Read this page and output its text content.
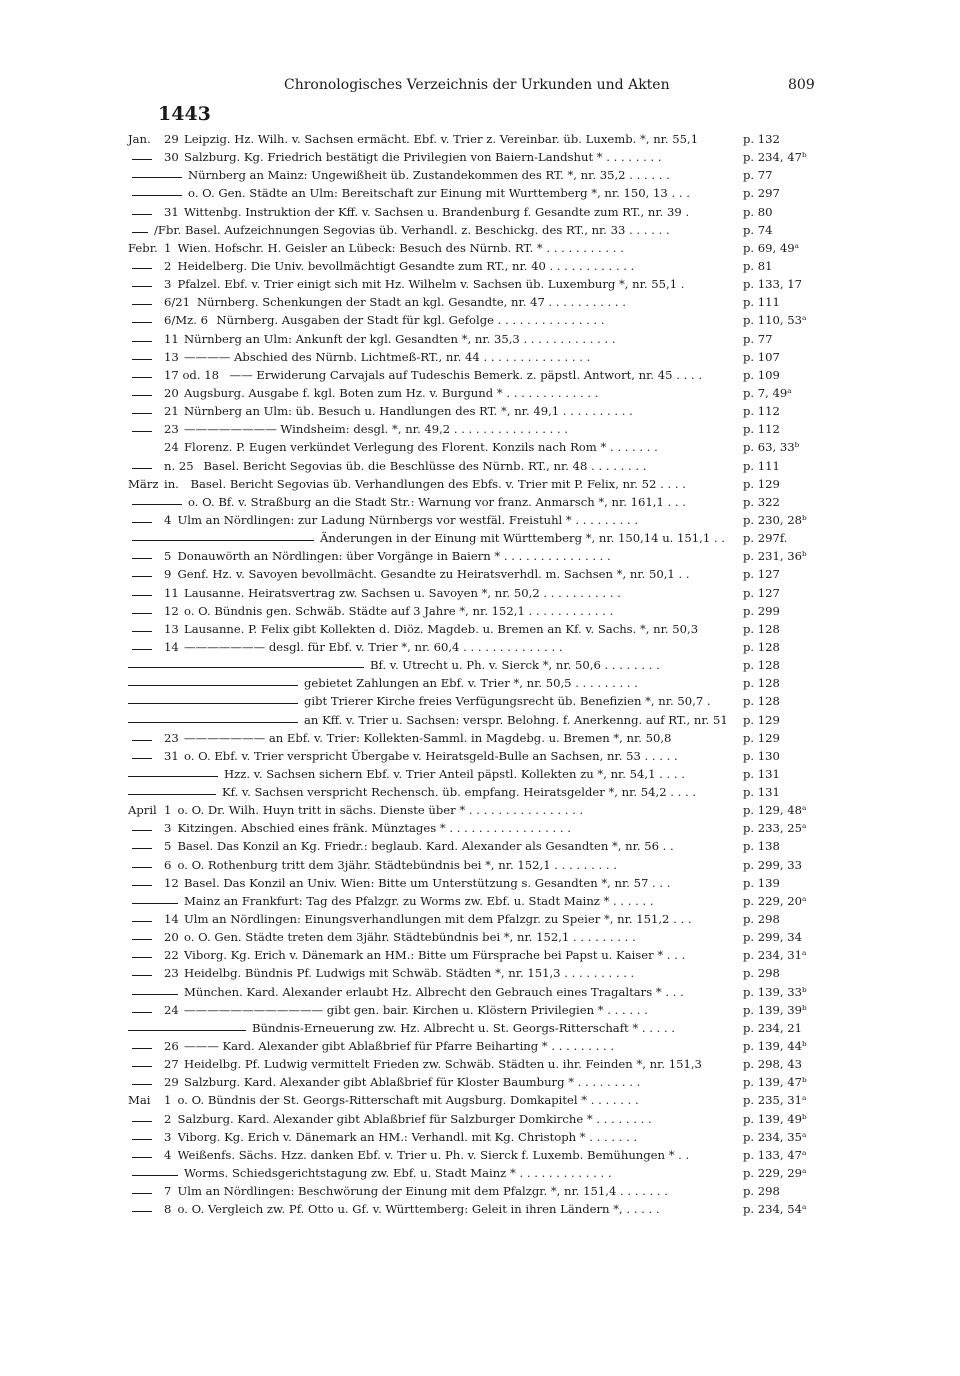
Chronologisches Verzeichnis der Urkunden und Akten	809
1443
Jan. 29 Leipzig. Hz. Wilh. v. Sachsen ermächt. Ebf. v. Trier z. Vereinbar. üb. Luxemb. *, nr. 55,1	p. 132
30 Salzburg. Kg. Friedrich bestätigt die Privilegien von Baiern-Landshut * . . . . . . . .	p. 234, 47ᵇ
Nürnberg an Mainz: Ungewißheit üb. Zustandekommen des RT. *, nr. 35,2 . . . . . .	p. 77
o. O. Gen. Städte an Ulm: Bereitschaft zur Einung mit Wurttemberg *, nr. 150, 13 . . .	p. 297
31 Wittenbg. Instruktion der Kff. v. Sachsen u. Brandenburg f. Gesandte zum RT., nr. 39 .	p. 80
/Fbr. Basel. Aufzeichnungen Segovias üb. Verhandl. z. Beschickg. des RT., nr. 33 . . . . . .	p. 74
Febr. 1 Wien. Hofschr. H. Geisler an Lübeck: Besuch des Nürnb. RT. * . . . . . . . . . . .	p. 69, 49ᵃ
2 Heidelberg. Die Univ. bevollmächtigt Gesandte zum RT., nr. 40 . . . . . . . . . . . .	p. 81
3 Pfalzel. Ebf. v. Trier einigt sich mit Hz. Wilhelm v. Sachsen üb. Luxemburg *, nr. 55,1 .	p. 133, 17
6/21 Nürnberg. Schenkungen der Stadt an kgl. Gesandte, nr. 47 . . . . . . . . . . .	p. 111
6/Mz. 6 Nürnberg. Ausgaben der Stadt für kgl. Gefolge . . . . . . . . . . . . . . .	p. 110, 53ᵃ
11 Nürnberg an Ulm: Ankunft der kgl. Gesandten *, nr. 35,3 . . . . . . . . . . . . .	p. 77
13 ———— Abschied des Nürnb. Lichtmeß-RT., nr. 44 . . . . . . . . . . . . . . .	p. 107
17 od. 18 —— Erwiderung Carvajals auf Tudeschis Bemerk. z. päpstl. Antwort, nr. 45 . . . .	p. 109
20 Augsburg. Ausgabe f. kgl. Boten zum Hz. v. Burgund * . . . . . . . . . . . . .	p. 7, 49ᵃ
21 Nürnberg an Ulm: üb. Besuch u. Handlungen des RT. *, nr. 49,1 . . . . . . . . . .	p. 112
23 ———————— Windsheim: desgl. *, nr. 49,2 . . . . . . . . . . . . . . . .	p. 112
24 Florenz. P. Eugen verkündet Verlegung des Florent. Konzils nach Rom * . . . . . . .	p. 63, 33ᵇ
n. 25 Basel. Bericht Segovias üb. die Beschlüsse des Nürnb. RT., nr. 48 . . . . . . . .	p. 111
März in. Basel. Bericht Segovias üb. Verhandlungen des Ebfs. v. Trier mit P. Felix, nr. 52 . . . .	p. 129
o. O. Bf. v. Straßburg an die Stadt Str.: Warnung vor franz. Anmarsch *, nr. 161,1 . . .	p. 322
4 Ulm an Nördlingen: zur Ladung Nürnbergs vor westfäl. Freistuhl * . . . . . . . . .	p. 230, 28ᵇ
Änderungen in der Einung mit Württemberg *, nr. 150,14 u. 151,1 . .	p. 297f.
5 Donauwörth an Nördlingen: über Vorgänge in Baiern * . . . . . . . . . . . . . . .	p. 231, 36ᵇ
9 Genf. Hz. v. Savoyen bevollmächt. Gesandte zu Heiratsverhdl. m. Sachsen *, nr. 50,1 . .	p. 127
11 Lausanne. Heiratsvertrag zw. Sachsen u. Savoyen *, nr. 50,2 . . . . . . . . . . .	p. 127
12 o. O. Bündnis gen. Schwäb. Städte auf 3 Jahre *, nr. 152,1 . . . . . . . . . . . .	p. 299
13 Lausanne. P. Felix gibt Kollekten d. Diöz. Magdeb. u. Bremen an Kf. v. Sachs. *, nr. 50,3	p. 128
14 ——————— desgl. für Ebf. v. Trier *, nr. 60,4 . . . . . . . . . . . . . .	p. 128
Bf. v. Utrecht u. Ph. v. Sierck *, nr. 50,6 . . . . . . . .	p. 128
gebietet Zahlungen an Ebf. v. Trier *, nr. 50,5 . . . . . . . . .	p. 128
gibt Trierer Kirche freies Verfügungsrecht üb. Benefizien *, nr. 50,7 .	p. 128
an Kff. v. Trier u. Sachsen: verspr. Belohng. f. Anerkenng. auf RT., nr. 51	p. 129
23 ——————— an Ebf. v. Trier: Kollekten-Samml. in Magdebg. u. Bremen *, nr. 50,8	p. 129
31 o. O. Ebf. v. Trier verspricht Übergabe v. Heiratsgeld-Bulle an Sachsen, nr. 53 . . . . .	p. 130
Hzz. v. Sachsen sichern Ebf. v. Trier Anteil päpstl. Kollekten zu *, nr. 54,1 . . . .	p. 131
Kf. v. Sachsen verspricht Rechensch. üb. empfang. Heiratsgelder *, nr. 54,2 . . . .	p. 131
April 1 o. O. Dr. Wilh. Huyn tritt in sächs. Dienste über * . . . . . . . . . . . . . . . .	p. 129, 48ᵃ
3 Kitzingen. Abschied eines fränk. Münztages * . . . . . . . . . . . . . . . . .	p. 233, 25ᵃ
5 Basel. Das Konzil an Kg. Friedr.: beglaub. Kard. Alexander als Gesandten *, nr. 56 . .	p. 138
6 o. O. Rothenburg tritt dem 3jähr. Städtebündnis bei *, nr. 152,1 . . . . . . . . .	p. 299, 33
12 Basel. Das Konzil an Univ. Wien: Bitte um Unterstützung s. Gesandten *, nr. 57 . . .	p. 139
Mainz an Frankfurt: Tag des Pfalzgr. zu Worms zw. Ebf. u. Stadt Mainz * . . . . . .	p. 229, 20ᵃ
14 Ulm an Nördlingen: Einungsverhandlungen mit dem Pfalzgr. zu Speier *, nr. 151,2 . . .	p. 298
20 o. O. Gen. Städte treten dem 3jähr. Städtebündnis bei *, nr. 152,1 . . . . . . . . .	p. 299, 34
22 Viborg. Kg. Erich v. Dänemark an HM.: Bitte um Fürsprache bei Papst u. Kaiser * . . .	p. 234, 31ᵃ
23 Heidelbg. Bündnis Pf. Ludwigs mit Schwäb. Städten *, nr. 151,3 . . . . . . . . . .	p. 298
München. Kard. Alexander erlaubt Hz. Albrecht den Gebrauch eines Tragaltars * . . .	p. 139, 33ᵇ
24 ———————————— gibt gen. bair. Kirchen u. Klöstern Privilegien * . . . . . .	p. 139, 39ᵇ
Bündnis-Erneuerung zw. Hz. Albrecht u. St. Georgs-Ritterschaft * . . . . .	p. 234, 21
26 ——— Kard. Alexander gibt Ablaßbrief für Pfarre Beiharting * . . . . . . . . .	p. 139, 44ᵇ
27 Heidelbg. Pf. Ludwig vermittelt Frieden zw. Schwäb. Städten u. ihr. Feinden *, nr. 151,3	p. 298, 43
29 Salzburg. Kard. Alexander gibt Ablaßbrief für Kloster Baumburg * . . . . . . . . .	p. 139, 47ᵇ
Mai 1 o. O. Bündnis der St. Georgs-Ritterschaft mit Augsburg. Domkapitel * . . . . . . .	p. 235, 31ᵃ
2 Salzburg. Kard. Alexander gibt Ablaßbrief für Salzburger Domkirche * . . . . . . . .	p. 139, 49ᵇ
3 Viborg. Kg. Erich v. Dänemark an HM.: Verhandl. mit Kg. Christoph * . . . . . . .	p. 234, 35ᵃ
4 Weißenfs. Sächs. Hzz. danken Ebf. v. Trier u. Ph. v. Sierck f. Luxemb. Bemühungen * . .	p. 133, 47ᵃ
Worms. Schiedsgerichtstagung zw. Ebf. u. Stadt Mainz * . . . . . . . . . . . . .	p. 229, 29ᵃ
7 Ulm an Nördlingen: Beschwörung der Einung mit dem Pfalzgr. *, nr. 151,4 . . . . . . .	p. 298
8 o. O. Vergleich zw. Pf. Otto u. Gf. v. Württemberg: Geleit in ihren Ländern *, . . . . .	p. 234, 54ᵃ
